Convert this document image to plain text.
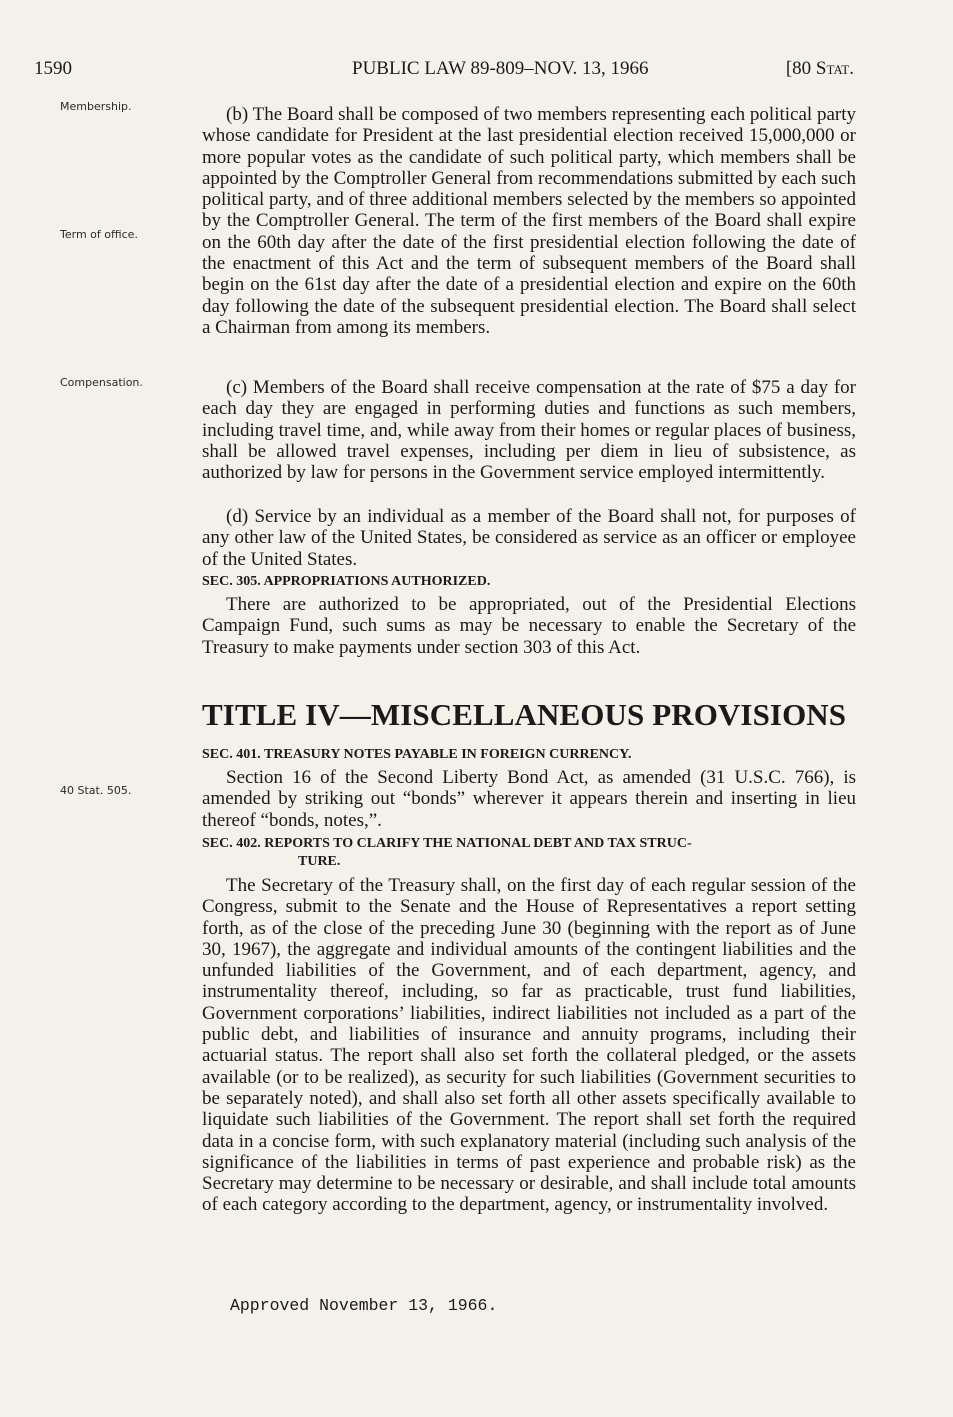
1590	PUBLIC LAW 89-809–NOV. 13, 1966	[80 Stat.
Membership.
Term of office.
Compensation.
40 Stat. 505.

(b) The Board shall be composed of two members representing each political party whose candidate for President at the last presidential election received 15,000,000 or more popular votes as the candidate of such political party, which members shall be appointed by the Comptroller General from recommendations submitted by each such political party, and of three additional members selected by the members so appointed by the Comptroller General. The term of the first members of the Board shall expire on the 60th day after the date of the first presidential election following the date of the enactment of this Act and the term of subsequent members of the Board shall begin on the 61st day after the date of a presidential election and expire on the 60th day following the date of the subsequent presidential election. The Board shall select a Chairman from among its members.

(c) Members of the Board shall receive compensation at the rate of $75 a day for each day they are engaged in performing duties and functions as such members, including travel time, and, while away from their homes or regular places of business, shall be allowed travel expenses, including per diem in lieu of subsistence, as authorized by law for persons in the Government service employed intermittently.

(d) Service by an individual as a member of the Board shall not, for purposes of any other law of the United States, be considered as service as an officer or employee of the United States.

SEC. 305. APPROPRIATIONS AUTHORIZED.

There are authorized to be appropriated, out of the Presidential Elections Campaign Fund, such sums as may be necessary to enable the Secretary of the Treasury to make payments under section 303 of this Act.

TITLE IV—MISCELLANEOUS PROVISIONS
SEC. 401. TREASURY NOTES PAYABLE IN FOREIGN CURRENCY.

Section 16 of the Second Liberty Bond Act, as amended (31 U.S.C. 766), is amended by striking out “bonds” wherever it appears therein and inserting in lieu thereof “bonds, notes,”.

SEC. 402. REPORTS TO CLARIFY THE NATIONAL DEBT AND TAX STRUC-
TURE.

The Secretary of the Treasury shall, on the first day of each regular session of the Congress, submit to the Senate and the House of Representatives a report setting forth, as of the close of the preceding June 30 (beginning with the report as of June 30, 1967), the aggregate and individual amounts of the contingent liabilities and the unfunded liabilities of the Government, and of each department, agency, and instrumentality thereof, including, so far as practicable, trust fund liabilities, Government corporations’ liabilities, indirect liabilities not included as a part of the public debt, and liabilities of insurance and annuity programs, including their actuarial status. The report shall also set forth the collateral pledged, or the assets available (or to be realized), as security for such liabilities (Government securities to be separately noted), and shall also set forth all other assets specifically available to liquidate such liabilities of the Government. The report shall set forth the required data in a concise form, with such explanatory material (including such analysis of the significance of the liabilities in terms of past experience and probable risk) as the Secretary may determine to be necessary or desirable, and shall include total amounts of each category according to the department, agency, or instrumentality involved.

Approved November 13, 1966.
